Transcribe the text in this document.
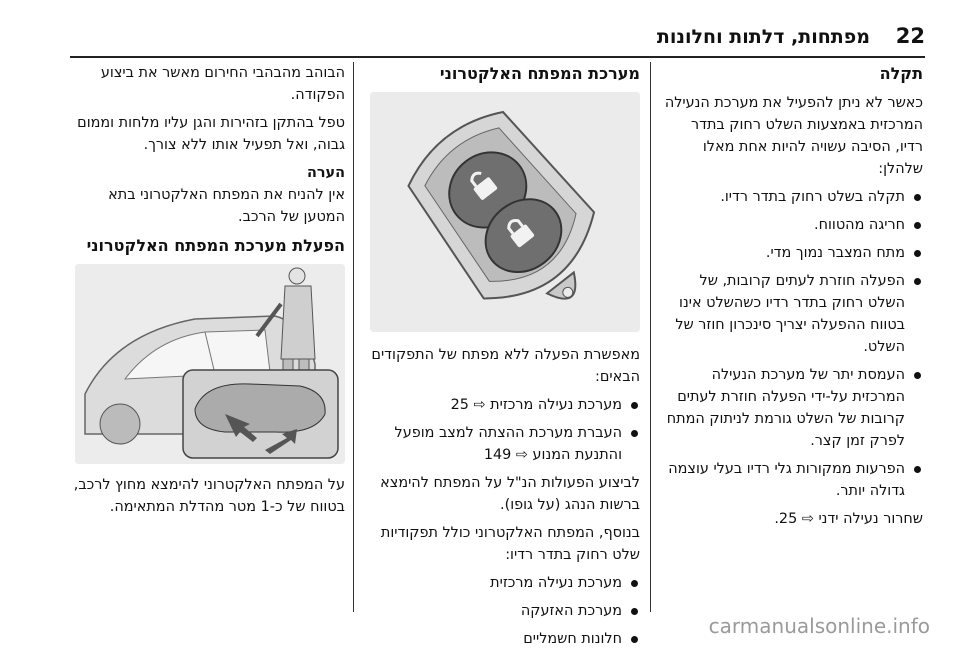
22
מפתחות, דלתות וחלונות
תקלה

כאשר לא ניתן להפעיל את מערכת הנעילה המרכזית באמצעות השלט רחוק בתדר רדיו, הסיבה עשויה להיות אחת מאלו שלהלן:

תקלה בשלט רחוק בתדר רדיו.
חריגה מהטווח.
מתח המצבר נמוך מדי.
הפעלה חוזרת לעתים קרובות, של השלט רחוק בתדר רדיו כשהשלט אינו בטווח ההפעלה יצריך סינכרון חוזר של השלט.
העמסת יתר של מערכת הנעילה המרכזית על-ידי הפעלה חוזרת לעתים קרובות של השלט גורמת לניתוק המתח לפרק זמן קצר.
הפרעות ממקורות גלי רדיו בעלי עוצמה גדולה יותר.

שחרור נעילה ידני ⇨ 25.

מערכת המפתח האלקטרוני

מאפשרת הפעלה ללא מפתח של התפקודים הבאים:

מערכת נעילה מרכזית ⇨ 25
העברת מערכת ההצתה למצב מופעל והתנעת המנוע ⇨ 149

לביצוע הפעולות הנ"ל על המפתח להימצא ברשות הנהג (על גופו).

בנוסף, המפתח האלקטרוני כולל תפקודיות שלט רחוק בתדר רדיו:

מערכת נעילה מרכזית
מערכת האזעקה
חלונות חשמליים

הבוהב מהבהבי החירום מאשר את ביצוע הפקודה.

טפל בהתקן בזהירות והגן עליו מלחות וממום גבוה, ואל תפעיל אותו ללא צורך.

הערה

אין להניח את המפתח האלקטרוני בתא המטען של הרכב.

הפעלת מערכת המפתח האלקטרוני

על המפתח האלקטרוני להימצא מחוץ לרכב, בטווח של כ-1 מטר מהדלת המתאימה.

carmanualsonline.info
